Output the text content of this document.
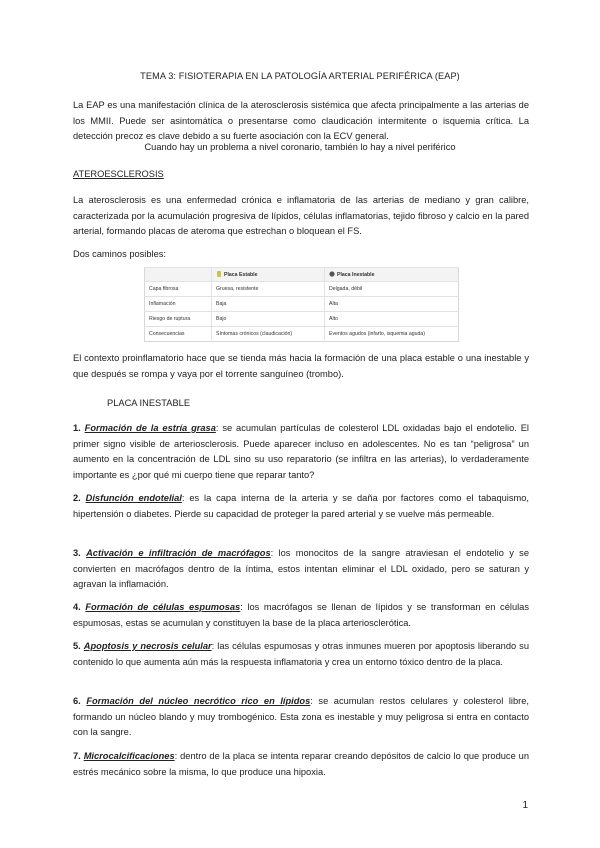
TEMA 3: FISIOTERAPIA EN LA PATOLOGÍA ARTERIAL PERIFÉRICA (EAP)
La EAP es una manifestación clínica de la aterosclerosis sistémica que afecta principalmente a las arterias de los MMII. Puede ser asintomática o presentarse como claudicación intermitente o isquemia crítica. La detección precoz es clave debido a su fuerte asociación con la ECV general.
Cuando hay un problema a nivel coronario, también lo hay a nivel periférico
ATEROESCLEROSIS
La aterosclerosis es una enfermedad crónica e inflamatoria de las arterias de mediano y gran calibre, caracterizada por la acumulación progresiva de lípidos, células inflamatorias, tejido fibroso y calcio en la pared arterial, formando placas de ateroma que estrechan o bloquean el FS.
Dos caminos posibles:
	Placa Estable	Placa Inestable
Capa fibrosa	Gruesa, resistente	Delgada, débil
Inflamación	Baja	Alta
Riesgo de ruptura	Bajo	Alto
Consecuencias	Síntomas crónicos (claudicación)	Eventos agudos (infarto, isquemia aguda)
El contexto proinflamatorio hace que se tienda más hacia la formación de una placa estable o una inestable y que después se rompa y vaya por el torrente sanguíneo (trombo).
PLACA INESTABLE
1. Formación de la estría grasa: se acumulan partículas de colesterol LDL oxidadas bajo el endotelio. El primer signo visible de arteriosclerosis. Puede aparecer incluso en adolescentes. No es tan “peligrosa” un aumento en la concentración de LDL sino su uso reparatorio (se infiltra en las arterias), lo verdaderamente importante es ¿por qué mi cuerpo tiene que reparar tanto?
2. Disfunción endotelial: es la capa interna de la arteria y se daña por factores como el tabaquismo, hipertensión o diabetes. Pierde su capacidad de proteger la pared arterial y se vuelve más permeable.
3. Activación e infiltración de macrófagos: los monocitos de la sangre atraviesan el endotelio y se convierten en macrófagos dentro de la íntima, estos intentan eliminar el LDL oxidado, pero se saturan y agravan la inflamación.
4. Formación de células espumosas: los macrófagos se llenan de lípidos y se transforman en células espumosas, estas se acumulan y constituyen la base de la placa arteriosclerótica.
5. Apoptosis y necrosis celular: las células espumosas y otras inmunes mueren por apoptosis liberando su contenido lo que aumenta aún más la respuesta inflamatoria y crea un entorno tóxico dentro de la placa.
6. Formación del núcleo necrótico rico en lípidos: se acumulan restos celulares y colesterol libre, formando un núcleo blando y muy trombogénico. Esta zona es inestable y muy peligrosa si entra en contacto con la sangre.
7. Microcalcificaciones: dentro de la placa se intenta reparar creando depósitos de calcio lo que produce un estrés mecánico sobre la misma, lo que produce una hipoxia.
1
